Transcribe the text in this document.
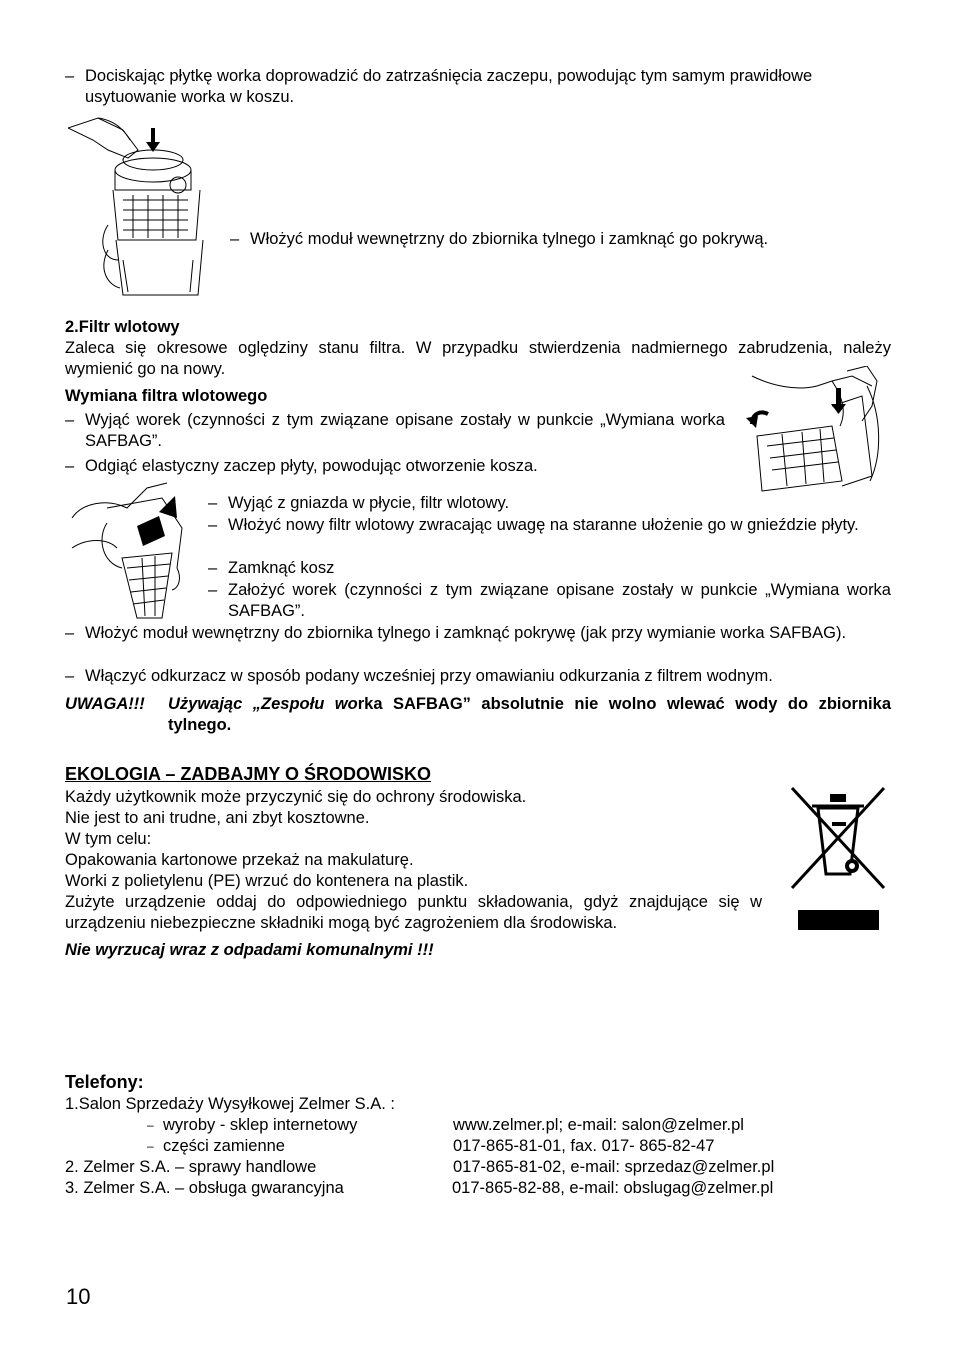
– Dociskając płytkę worka doprowadzić do zatrzaśnięcia zaczepu, powodując tym samym prawidłowe usytuowanie worka w koszu.
– Włożyć moduł wewnętrzny do zbiornika tylnego i zamknąć go pokrywą.
2.Filtr wlotowy
Zaleca się okresowe oględziny stanu filtra. W przypadku stwierdzenia nadmiernego zabrudzenia, należy wymienić go na nowy.
Wymiana filtra wlotowego
– Wyjąć worek (czynności z tym związane opisane zostały w punkcie „Wymiana worka SAFBAG”.
– Odgiąć elastyczny zaczep płyty, powodując otworzenie kosza.
– Wyjąć z gniazda w płycie, filtr wlotowy.
– Włożyć nowy filtr wlotowy zwracając uwagę na staranne ułożenie go w gnieździe płyty.
– Zamknąć kosz
– Założyć worek (czynności z tym związane opisane zostały w punkcie „Wymiana worka SAFBAG”.
– Włożyć moduł wewnętrzny do zbiornika tylnego i zamknąć pokrywę (jak przy wymianie worka SAFBAG).
– Włączyć odkurzacz w sposób podany wcześniej przy omawianiu odkurzania z filtrem wodnym.
UWAGA!!! Używając „Zespołu worka SAFBAG” absolutnie nie wolno wlewać wody do zbiornika tylnego.
EKOLOGIA – ZADBAJMY O ŚRODOWISKO
Każdy użytkownik może przyczynić się do ochrony środowiska.
Nie jest to ani trudne, ani zbyt kosztowne.
W tym celu:
Opakowania kartonowe przekaż na makulaturę.
Worki z polietylenu (PE) wrzuć do kontenera na plastik.
Zużyte urządzenie oddaj do odpowiedniego punktu składowania, gdyż znajdujące się w urządzeniu niebezpieczne składniki mogą być zagrożeniem dla środowiska.
Nie wyrzucaj wraz z odpadami komunalnymi !!!
Telefony:
1.Salon Sprzedaży Wysyłkowej Zelmer S.A. :
– wyroby - sklep internetowy	www.zelmer.pl; e-mail: salon@zelmer.pl
– części zamienne	017-865-81-01, fax. 017- 865-82-47
2. Zelmer S.A. – sprawy handlowe	017-865-81-02, e-mail: sprzedaz@zelmer.pl
3. Zelmer S.A. – obsługa gwarancyjna	017-865-82-88, e-mail: obslugag@zelmer.pl
10
